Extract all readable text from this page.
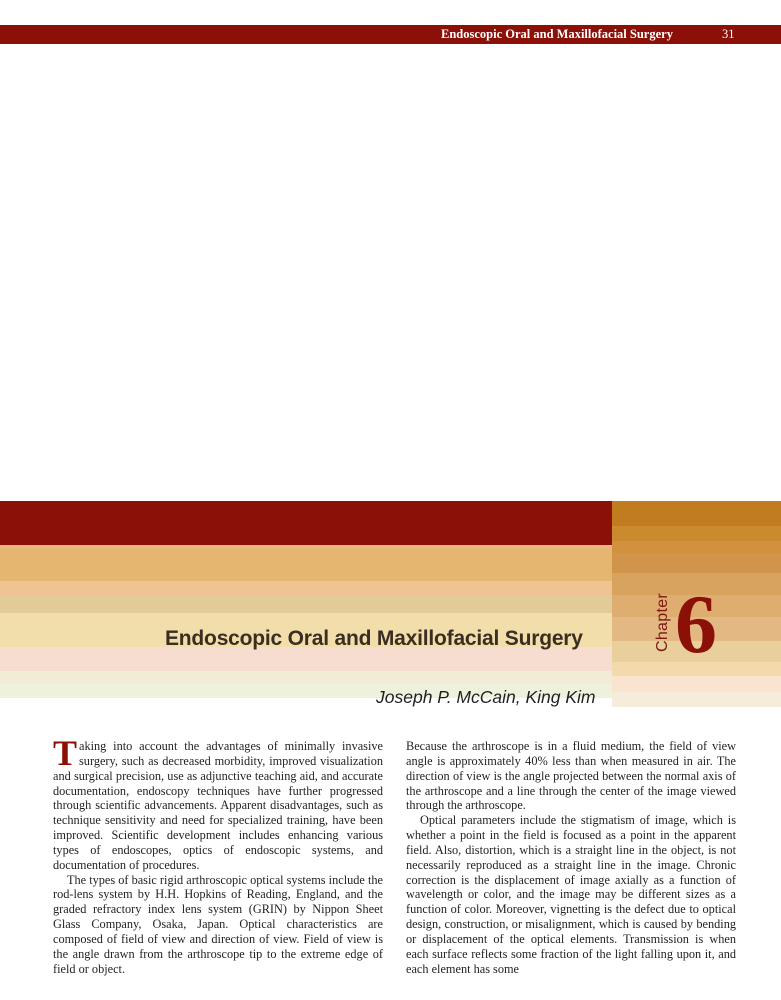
Endoscopic Oral and Maxillofacial Surgery	31
Chapter 6
Endoscopic Oral and Maxillofacial Surgery
Joseph P. McCain, King Kim

Taking into account the advantages of minimally invasive surgery, such as decreased morbidity, improved visualization and surgical precision, use as adjunctive teaching aid, and accurate documentation, endoscopy techniques have further progressed through scientific advancements. Apparent disadvantages, such as technique sensitivity and need for specialized training, have been improved. Scientific development includes enhancing various types of endoscopes, optics of endoscopic systems, and documentation of procedures.

The types of basic rigid arthroscopic optical systems include the rod-lens system by H.H. Hopkins of Reading, England, and the graded refractory index lens system (GRIN) by Nippon Sheet Glass Company, Osaka, Japan. Optical characteristics are composed of field of view and direction of view. Field of view is the angle drawn from the arthroscope tip to the extreme edge of field or object.

Because the arthroscope is in a fluid medium, the field of view angle is approximately 40% less than when measured in air. The direction of view is the angle projected between the normal axis of the arthroscope and a line through the center of the image viewed through the arthroscope.

Optical parameters include the stigmatism of image, which is whether a point in the field is focused as a point in the apparent field. Also, distortion, which is a straight line in the object, is not necessarily reproduced as a straight line in the image. Chronic correction is the displacement of image axially as a function of wavelength or color, and the image may be different sizes as a function of color. Moreover, vignetting is the defect due to optical design, construction, or misalignment, which is caused by bending or displacement of the optical elements. Transmission is when each surface reflects some fraction of the light falling upon it, and each element has some
